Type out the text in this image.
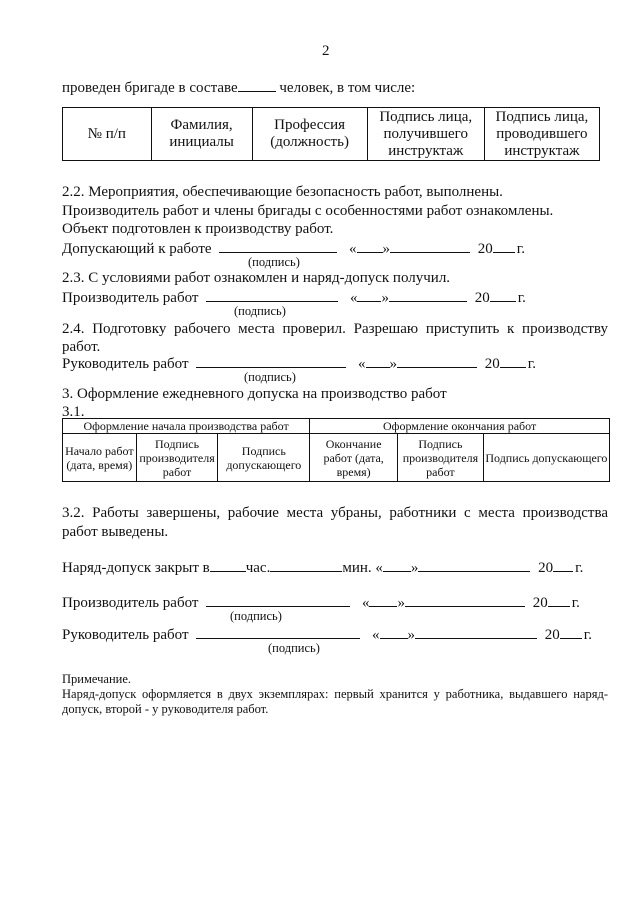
2
проведен бригаде в составе	человек, в том числе:
№ п/п	Фамилия, инициалы	Профессия (должность)	Подпись лица, получившего инструктаж	Подпись лица, проводившего инструктаж
2.2. Мероприятия, обеспечивающие безопасность работ, выполнены.
Производитель работ и члены бригады с особенностями работ ознакомлены.
Объект подготовлен к производству работ.
Допускающий к работе	« »	20 г.
(подпись)
2.3. С условиями работ ознакомлен и наряд-допуск получил.
Производитель работ	« »	20 г.
(подпись)
2.4. Подготовку рабочего места проверил. Разрешаю приступить к производству
работ.
Руководитель работ	« »	20 г.
(подпись)
3. Оформление ежедневного допуска на производство работ
3.1.
Оформление начала производства работ			Оформление окончания работ		
Начало работ (дата, время)	Подпись производителя работ	Подпись допускающего	Окончание работ (дата, время)	Подпись производителя работ	Подпись допускающего
3.2. Работы завершены, рабочие места убраны, работники с места производства
работ выведены.
Наряд-допуск закрыт в час.	мин. « »	20 г.
Производитель работ	« »	20 г.
(подпись)
Руководитель работ	« »	20 г.
(подпись)
Примечание.
Наряд-допуск оформляется в двух экземплярах: первый хранится у работника, выдавшего наряд-
допуск, второй - у руководителя работ.
